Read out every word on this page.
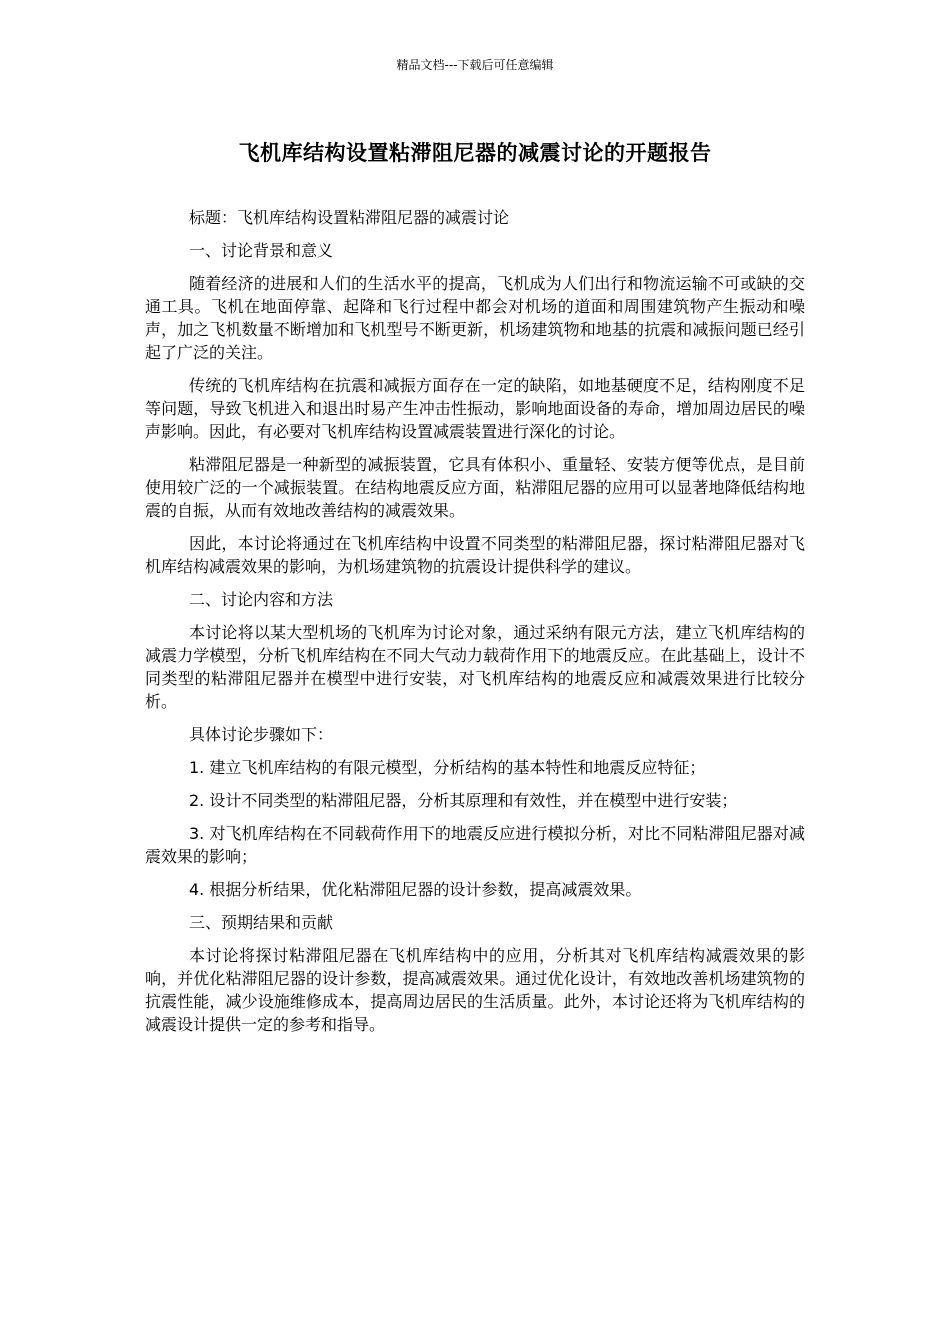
精品文档---下载后可任意编辑
飞机库结构设置粘滞阻尼器的减震讨论的开题报告

标题：飞机库结构设置粘滞阻尼器的减震讨论

一、讨论背景和意义

随着经济的进展和人们的生活水平的提高，飞机成为人们出行和物流运输不可或缺的交通工具。飞机在地面停靠、起降和飞行过程中都会对机场的道面和周围建筑物产生振动和噪声，加之飞机数量不断增加和飞机型号不断更新，机场建筑物和地基的抗震和减振问题已经引起了广泛的关注。

传统的飞机库结构在抗震和减振方面存在一定的缺陷，如地基硬度不足，结构刚度不足等问题，导致飞机进入和退出时易产生冲击性振动，影响地面设备的寿命，增加周边居民的噪声影响。因此，有必要对飞机库结构设置减震装置进行深化的讨论。

粘滞阻尼器是一种新型的减振装置，它具有体积小、重量轻、安装方便等优点，是目前使用较广泛的一个减振装置。在结构地震反应方面，粘滞阻尼器的应用可以显著地降低结构地震的自振，从而有效地改善结构的减震效果。

因此，本讨论将通过在飞机库结构中设置不同类型的粘滞阻尼器，探讨粘滞阻尼器对飞机库结构减震效果的影响，为机场建筑物的抗震设计提供科学的建议。

二、讨论内容和方法

本讨论将以某大型机场的飞机库为讨论对象，通过采纳有限元方法，建立飞机库结构的减震力学模型，分析飞机库结构在不同大气动力载荷作用下的地震反应。在此基础上，设计不同类型的粘滞阻尼器并在模型中进行安装，对飞机库结构的地震反应和减震效果进行比较分析。

具体讨论步骤如下：

1. 建立飞机库结构的有限元模型，分析结构的基本特性和地震反应特征；

2. 设计不同类型的粘滞阻尼器，分析其原理和有效性，并在模型中进行安装；

3. 对飞机库结构在不同载荷作用下的地震反应进行模拟分析，对比不同粘滞阻尼器对减震效果的影响；

4. 根据分析结果，优化粘滞阻尼器的设计参数，提高减震效果。

三、预期结果和贡献

本讨论将探讨粘滞阻尼器在飞机库结构中的应用，分析其对飞机库结构减震效果的影响，并优化粘滞阻尼器的设计参数，提高减震效果。通过优化设计，有效地改善机场建筑物的抗震性能，减少设施维修成本，提高周边居民的生活质量。此外，本讨论还将为飞机库结构的减震设计提供一定的参考和指导。
